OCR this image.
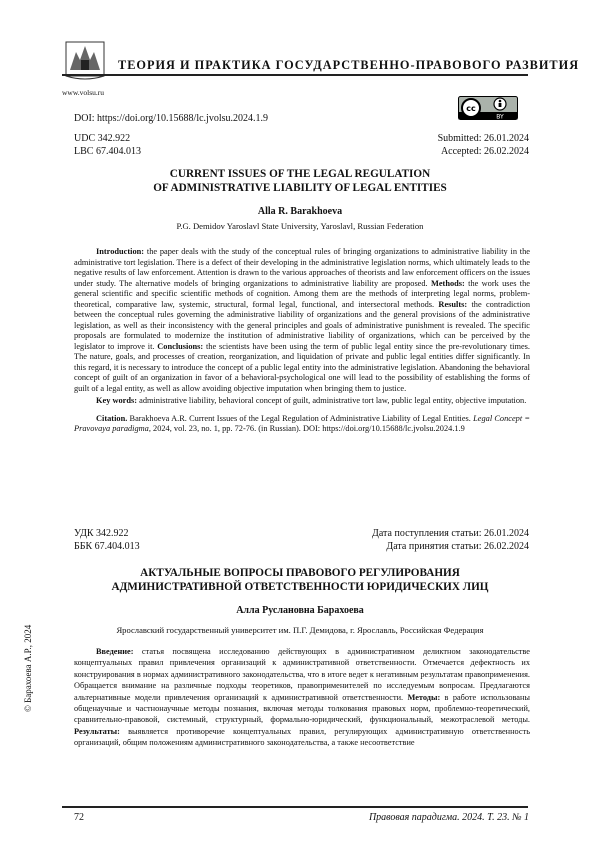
ТЕОРИЯ И ПРАКТИКА ГОСУДАРСТВЕННО-ПРАВОВОГО РАЗВИТИЯ
www.volsu.ru
DOI: https://doi.org/10.15688/lc.jvolsu.2024.1.9
cc
BY
UDC 342.922
LBC 67.404.013
Submitted: 26.01.2024
Accepted: 26.02.2024
CURRENT ISSUES OF THE LEGAL REGULATION
OF ADMINISTRATIVE LIABILITY OF LEGAL ENTITIES
Alla R. Barakhoeva
P.G. Demidov Yaroslavl State University, Yaroslavl, Russian Federation

Introduction: the paper deals with the study of the conceptual rules of bringing organizations to administrative liability in the administrative tort legislation. There is a defect of their developing in the administrative legislation norms, which ultimately leads to the negative results of law enforcement. Attention is drawn to the various approaches of theorists and law enforcement officers on the issues under study. The alternative models of bringing organizations to administrative liability are proposed. Methods: the work uses the general scientific and specific scientific methods of cognition. Among them are the methods of interpreting legal norms, problem-theoretical, comparative law, systemic, structural, formal legal, functional, and intersectoral methods. Results: the contradiction between the conceptual rules governing the administrative liability of organizations and the general provisions of the administrative legislation, as well as their inconsistency with the general principles and goals of administrative punishment is revealed. The specific proposals are formulated to modernize the institution of administrative liability of organizations, which can be perceived by the legislator to improve it. Conclusions: the scientists have been using the term of public legal entity since the pre-revolutionary times. The nature, goals, and processes of creation, reorganization, and liquidation of private and public legal entities differ significantly. In this regard, it is necessary to introduce the concept of a public legal entity into the administrative legislation. Abandoning the behavioral concept of guilt of an organization in favor of a behavioral-psychological one will lead to the possibility of establishing the forms of guilt of a legal entity, as well as allow avoiding objective imputation when bringing them to justice.

Key words: administrative liability, behavioral concept of guilt, administrative tort law, public legal entity, objective imputation.

Citation. Barakhoeva A.R. Current Issues of the Legal Regulation of Administrative Liability of Legal Entities. Legal Concept = Pravovaya paradigma, 2024, vol. 23, no. 1, pp. 72-76. (in Russian). DOI: https://doi.org/10.15688/lc.jvolsu.2024.1.9

УДК 342.922
ББК 67.404.013
Дата поступления статьи: 26.01.2024
Дата принятия статьи: 26.02.2024
АКТУАЛЬНЫЕ ВОПРОСЫ ПРАВОВОГО РЕГУЛИРОВАНИЯ
АДМИНИСТРАТИВНОЙ ОТВЕТСТВЕННОСТИ ЮРИДИЧЕСКИХ ЛИЦ
Алла Руслановна Барахоева
Ярославский государственный университет им. П.Г. Демидова, г. Ярославль, Российская Федерация

Введение: статья посвящена исследованию действующих в административном деликтном законодательстве концептуальных правил привлечения организаций к административной ответственности. Отмечается дефектность их конструирования в нормах административного законодательства, что в итоге ведет к негативным результатам правоприменения. Обращается внимание на различные подходы теоретиков, правоприменителей по исследуемым вопросам. Предлагаются альтернативные модели привлечения организаций к административной ответственности. Методы: в работе использованы общенаучные и частнонаучные методы познания, включая методы толкования правовых норм, проблемно-теоретический, сравнительно-правовой, системный, структурный, формально-юридический, функциональный, межотраслевой методы. Результаты: выявляется противоречие концептуальных правил, регулирующих административную ответственность организаций, общим положениям административного законодательства, а также несоответствие

© Барахоева А.Р., 2024
72	Правовая парадигма. 2024. Т. 23. № 1
